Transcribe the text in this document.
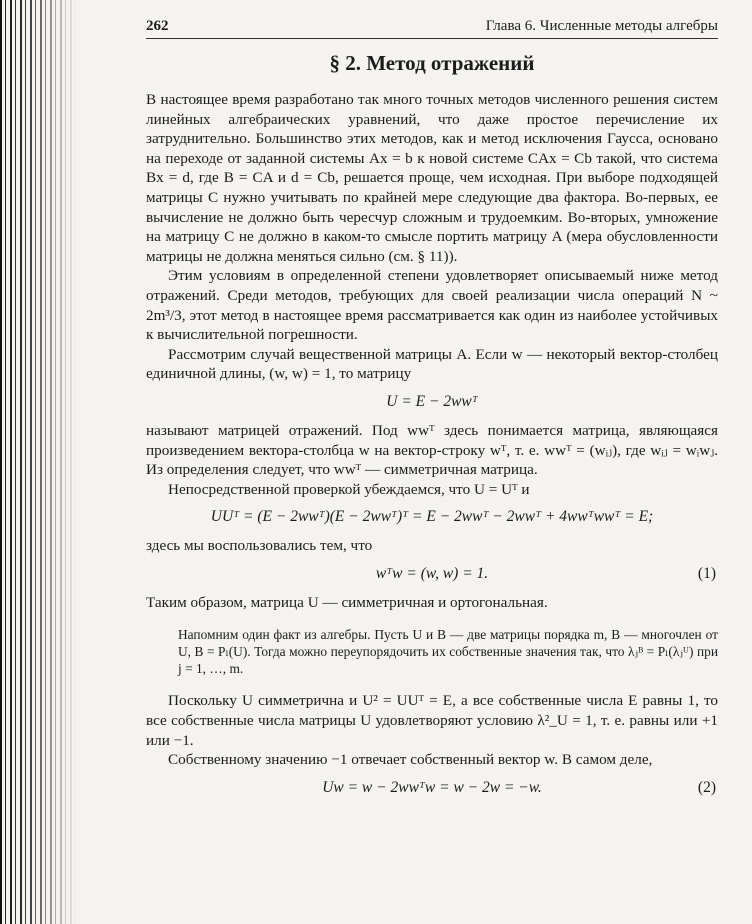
262	Глава 6. Численные методы алгебры
§ 2. Метод отражений

В настоящее время разработано так много точных методов численного решения систем линейных алгебраических уравнений, что даже простое перечисление их затруднительно. Большинство этих методов, как и метод исключения Гаусса, основано на переходе от заданной системы Ax = b к новой системе CAx = Cb такой, что система Bx = d, где B = CA и d = Cb, решается проще, чем исходная. При выборе подходящей матрицы C нужно учитывать по крайней мере следующие два фактора. Во-первых, ее вычисление не должно быть чересчур сложным и трудоемким. Во-вторых, умножение на матрицу C не должно в каком-то смысле портить матрицу A (мера обусловленности матрицы не должна меняться сильно (см. § 11)).

Этим условиям в определенной степени удовлетворяет описываемый ниже метод отражений. Среди методов, требующих для своей реализации числа операций N ~ 2m³/3, этот метод в настоящее время рассматривается как один из наиболее устойчивых к вычислительной погрешности.

Рассмотрим случай вещественной матрицы A. Если w — некоторый вектор-столбец единичной длины, (w, w) = 1, то матрицу

U = E − 2wwᵀ

называют матрицей отражений. Под wwᵀ здесь понимается матрица, являющаяся произведением вектора-столбца w на вектор-строку wᵀ, т. е. wwᵀ = (wᵢⱼ), где wᵢⱼ = wᵢwⱼ. Из определения следует, что wwᵀ — симметричная матрица.

Непосредственной проверкой убеждаемся, что U = Uᵀ и

UUᵀ = (E − 2wwᵀ)(E − 2wwᵀ)ᵀ = E − 2wwᵀ − 2wwᵀ + 4wwᵀwwᵀ = E;

здесь мы воспользовались тем, что

wᵀw = (w, w) = 1.	(1)

Таким образом, матрица U — симметричная и ортогональная.

Напомним один факт из алгебры. Пусть U и B — две матрицы порядка m, B — многочлен от U, B = Pₗ(U). Тогда можно переупорядочить их собственные значения так, что λⱼᴮ = Pₗ(λⱼᵁ) при j = 1, …, m.

Поскольку U симметрична и U² = UUᵀ = E, а все собственные числа E равны 1, то все собственные числа матрицы U удовлетворяют условию λ²_U = 1, т. е. равны или +1 или −1.

Собственному значению −1 отвечает собственный вектор w. В самом деле,

Uw = w − 2wwᵀw = w − 2w = −w.	(2)
